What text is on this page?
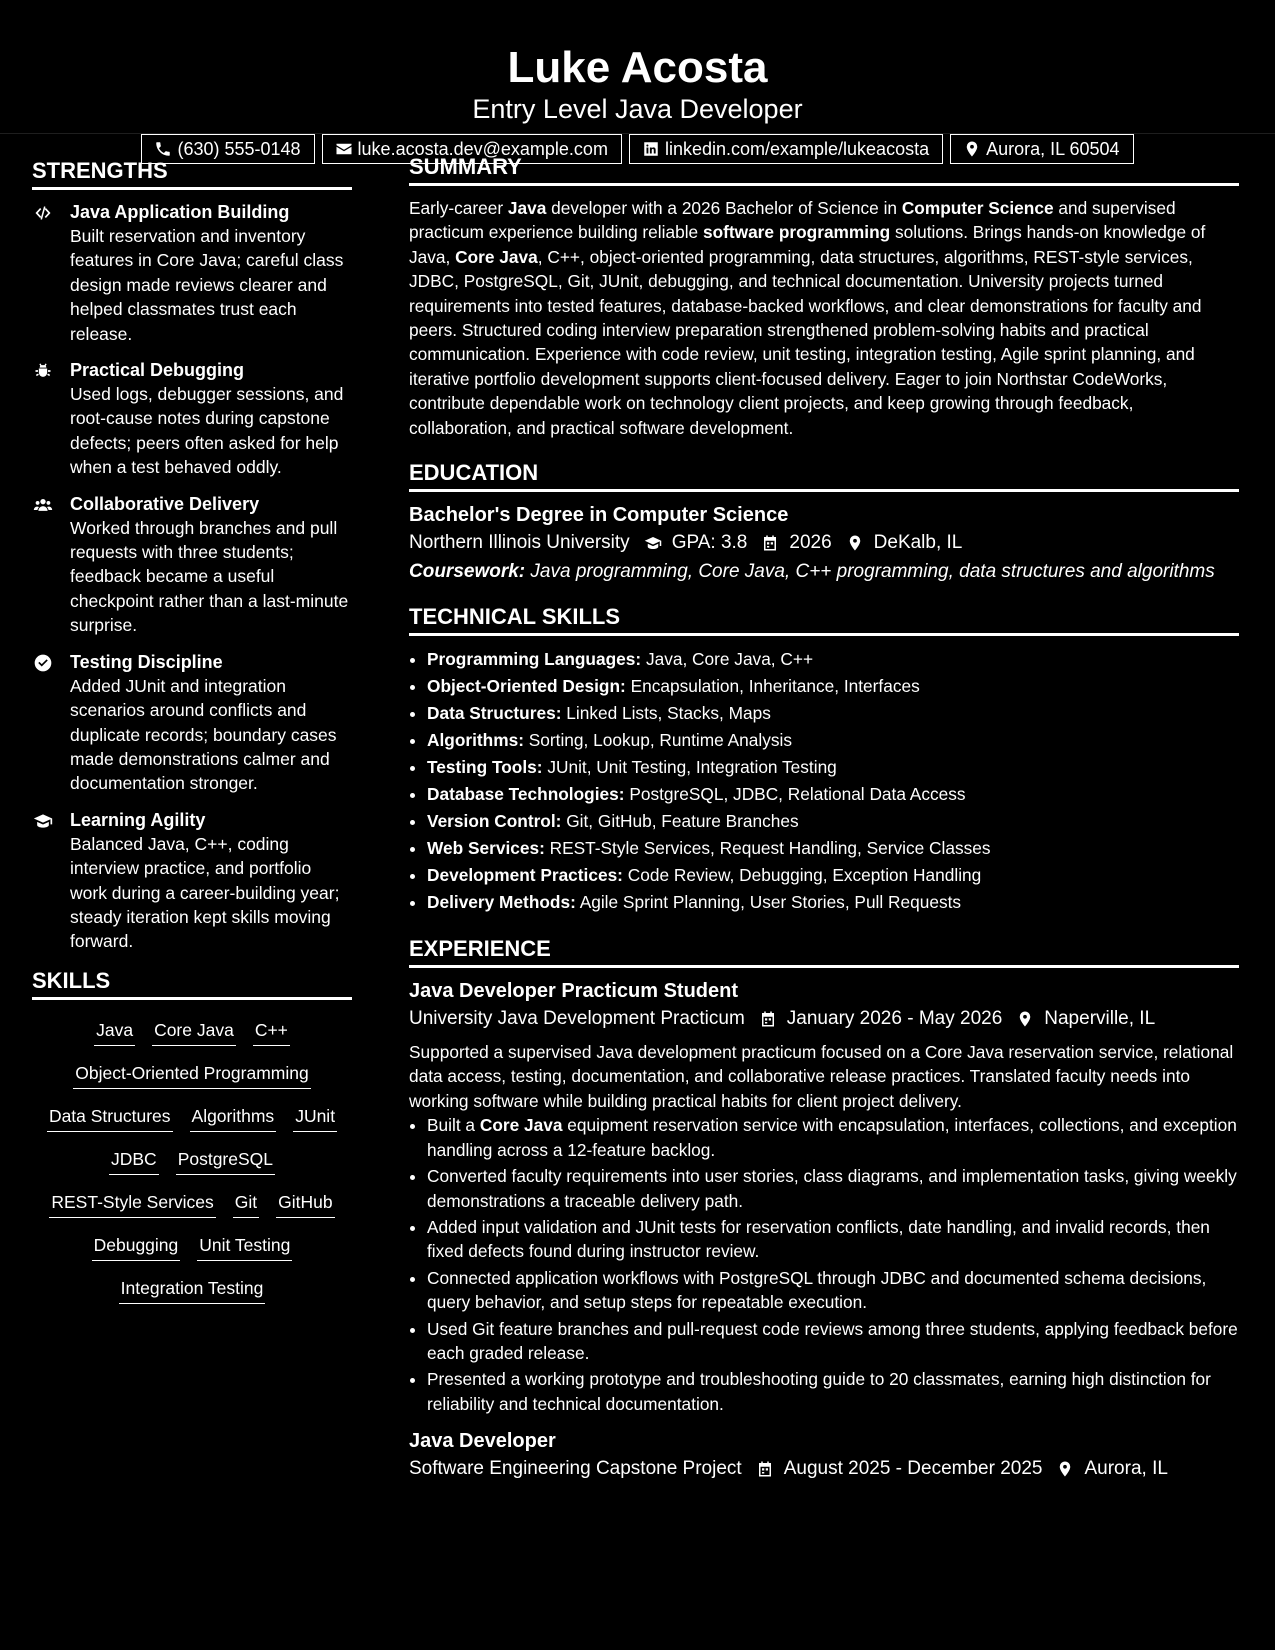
Luke Acosta
Entry Level Java Developer
(630) 555-0148	luke.acosta.dev@example.com	linkedin.com/example/lukeacosta	Aurora, IL 60504
STRENGTHS
Java Application Building
Built reservation and inventory features in Core Java; careful class design made reviews clearer and helped classmates trust each release.
Practical Debugging
Used logs, debugger sessions, and root-cause notes during capstone defects; peers often asked for help when a test behaved oddly.
Collaborative Delivery
Worked through branches and pull requests with three students; feedback became a useful checkpoint rather than a last-minute surprise.
Testing Discipline
Added JUnit and integration scenarios around conflicts and duplicate records; boundary cases made demonstrations calmer and documentation stronger.
Learning Agility
Balanced Java, C++, coding interview practice, and portfolio work during a career-building year; steady iteration kept skills moving forward.
SKILLS
Java Core Java C++
Object-Oriented Programming
Data Structures Algorithms JUnit
JDBC PostgreSQL
REST-Style Services Git GitHub
Debugging Unit Testing
Integration Testing
SUMMARY

Early-career Java developer with a 2026 Bachelor of Science in Computer Science and supervised practicum experience building reliable software programming solutions. Brings hands-on knowledge of Java, Core Java, C++, object-oriented programming, data structures, algorithms, REST-style services, JDBC, PostgreSQL, Git, JUnit, debugging, and technical documentation. University projects turned requirements into tested features, database-backed workflows, and clear demonstrations for faculty and peers. Structured coding interview preparation strengthened problem-solving habits and practical communication. Experience with code review, unit testing, integration testing, Agile sprint planning, and iterative portfolio development supports client-focused delivery. Eager to join Northstar CodeWorks, contribute dependable work on technology client projects, and keep growing through feedback, collaboration, and practical software development.

EDUCATION
Bachelor's Degree in Computer Science
Northern Illinois University GPA: 3.8 2026 DeKalb, IL
Coursework: Java programming, Core Java, C++ programming, data structures and algorithms
TECHNICAL SKILLS
• Programming Languages: Java, Core Java, C++
• Object-Oriented Design: Encapsulation, Inheritance, Interfaces
• Data Structures: Linked Lists, Stacks, Maps
• Algorithms: Sorting, Lookup, Runtime Analysis
• Testing Tools: JUnit, Unit Testing, Integration Testing
• Database Technologies: PostgreSQL, JDBC, Relational Data Access
• Version Control: Git, GitHub, Feature Branches
• Web Services: REST-Style Services, Request Handling, Service Classes
• Development Practices: Code Review, Debugging, Exception Handling
• Delivery Methods: Agile Sprint Planning, User Stories, Pull Requests
EXPERIENCE
Java Developer Practicum Student
University Java Development Practicum January 2026 - May 2026 Naperville, IL
Supported a supervised Java development practicum focused on a Core Java reservation service, relational data access, testing, documentation, and collaborative release practices. Translated faculty needs into working software while building practical habits for client project delivery.
• Built a Core Java equipment reservation service with encapsulation, interfaces, collections, and exception handling across a 12-feature backlog.
• Converted faculty requirements into user stories, class diagrams, and implementation tasks, giving weekly demonstrations a traceable delivery path.
• Added input validation and JUnit tests for reservation conflicts, date handling, and invalid records, then fixed defects found during instructor review.
• Connected application workflows with PostgreSQL through JDBC and documented schema decisions, query behavior, and setup steps for repeatable execution.
• Used Git feature branches and pull-request code reviews among three students, applying feedback before each graded release.
• Presented a working prototype and troubleshooting guide to 20 classmates, earning high distinction for reliability and technical documentation.
Java Developer
Software Engineering Capstone Project August 2025 - December 2025 Aurora, IL
